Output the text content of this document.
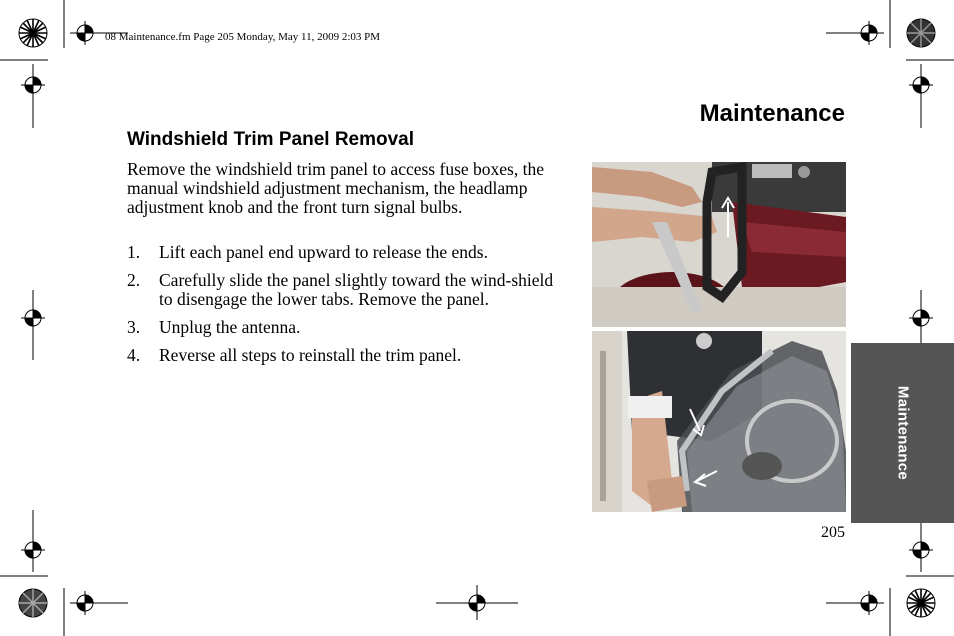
08 Maintenance.fm Page 205 Monday, May 11, 2009 2:03 PM
Maintenance
Windshield Trim Panel Removal

Remove the windshield trim panel to access fuse boxes, the manual windshield adjustment mechanism, the headlamp adjustment knob and the front turn signal bulbs.

1.	Lift each panel end upward to release the ends.
2.	Carefully slide the panel slightly toward the wind-shield to disengage the lower tabs. Remove the panel.
3.	Unplug the antenna.
4.	Reverse all steps to reinstall the trim panel.
Maintenance
205
